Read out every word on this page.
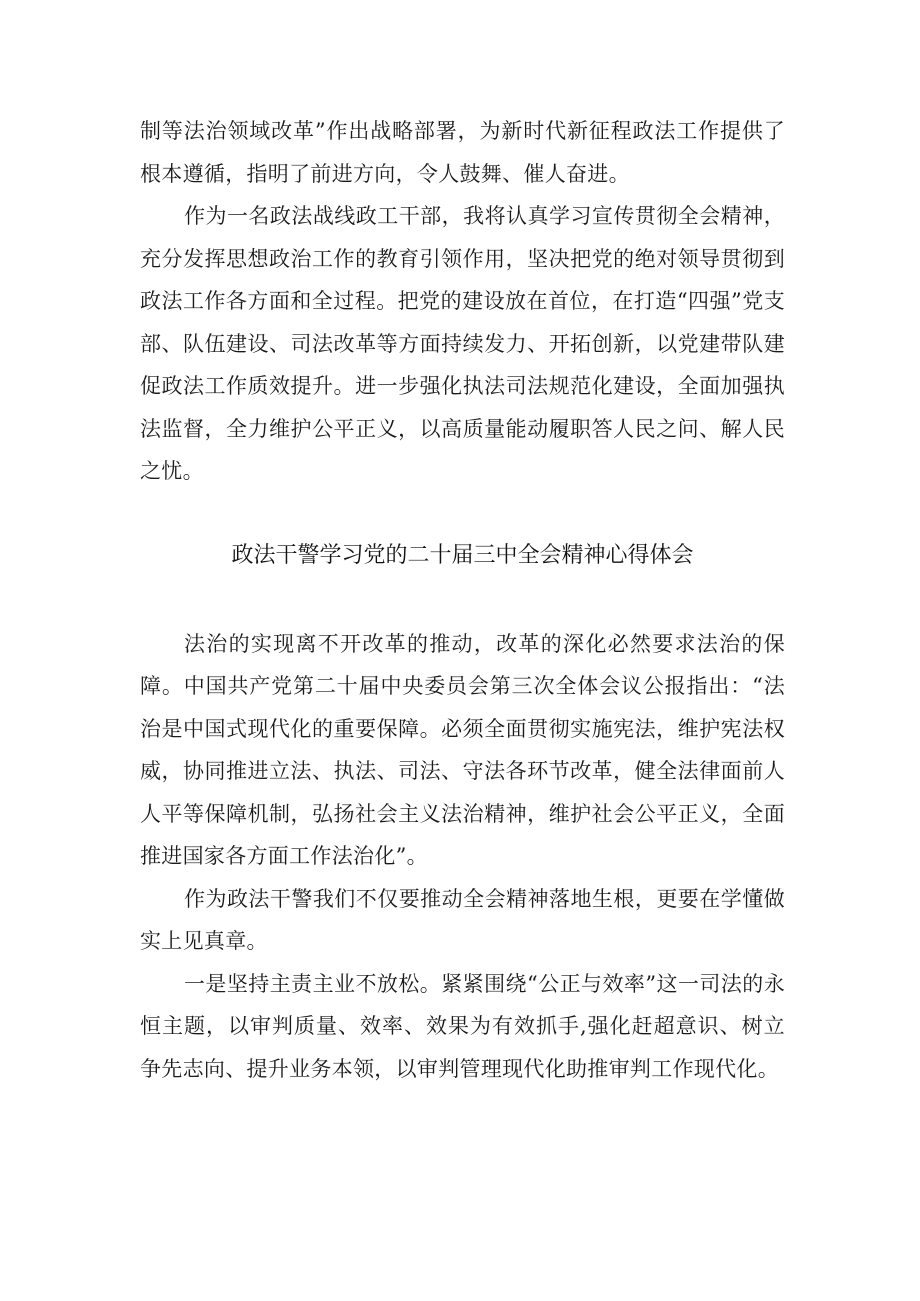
制等法治领域改革”作出战略部署，为新时代新征程政法工作提供了根本遵循，指明了前进方向，令人鼓舞、催人奋进。

作为一名政法战线政工干部，我将认真学习宣传贯彻全会精神，充分发挥思想政治工作的教育引领作用，坚决把党的绝对领导贯彻到政法工作各方面和全过程。把党的建设放在首位，在打造“四强”党支部、队伍建设、司法改革等方面持续发力、开拓创新，以党建带队建促政法工作质效提升。进一步强化执法司法规范化建设，全面加强执法监督，全力维护公平正义，以高质量能动履职答人民之问、解人民之忧。

政法干警学习党的二十届三中全会精神心得体会

法治的实现离不开改革的推动，改革的深化必然要求法治的保障。中国共产党第二十届中央委员会第三次全体会议公报指出：“法治是中国式现代化的重要保障。必须全面贯彻实施宪法，维护宪法权威，协同推进立法、执法、司法、守法各环节改革，健全法律面前人人平等保障机制，弘扬社会主义法治精神，维护社会公平正义，全面推进国家各方面工作法治化”。

作为政法干警我们不仅要推动全会精神落地生根，更要在学懂做实上见真章。

一是坚持主责主业不放松。紧紧围绕“公正与效率”这一司法的永恒主题，以审判质量、效率、效果为有效抓手,强化赶超意识、树立争先志向、提升业务本领，以审判管理现代化助推审判工作现代化。
